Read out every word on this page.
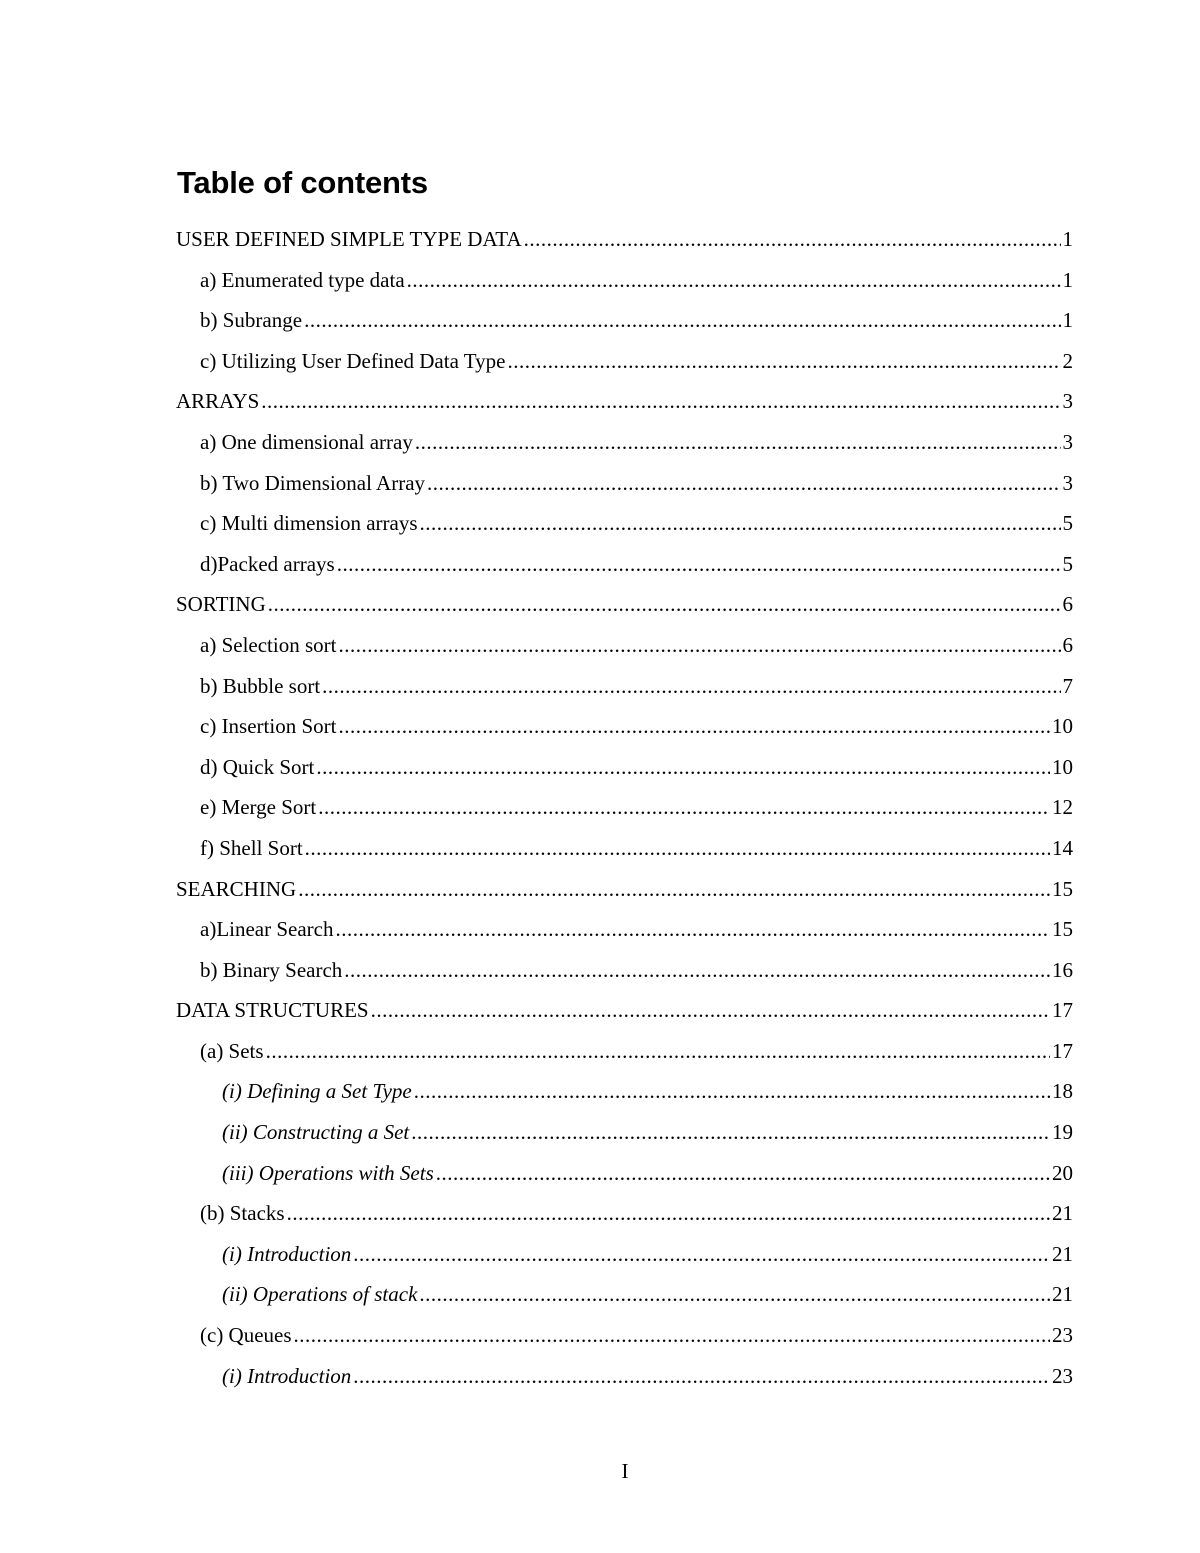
Table of contents
USER DEFINED SIMPLE TYPE DATA .....	1
a) Enumerated type data .....	1
b) Subrange .....	1
c) Utilizing User Defined Data Type .....	2
ARRAYS .....	3
a) One dimensional array .....	3
b) Two Dimensional Array .....	3
c) Multi dimension arrays .....	5
d)Packed arrays .....	5
SORTING .....	6
a) Selection sort .....	6
b) Bubble sort .....	7
c) Insertion Sort .....	10
d) Quick Sort .....	10
e) Merge Sort .....	12
f) Shell Sort .....	14
SEARCHING .....	15
a)Linear Search .....	15
b) Binary Search .....	16
DATA STRUCTURES .....	17
(a) Sets .....	17
(i) Defining a Set Type .....	18
(ii) Constructing a Set .....	19
(iii) Operations with Sets .....	20
(b) Stacks .....	21
(i) Introduction .....	21
(ii) Operations of stack .....	21
(c) Queues .....	23
(i) Introduction .....	23
I
